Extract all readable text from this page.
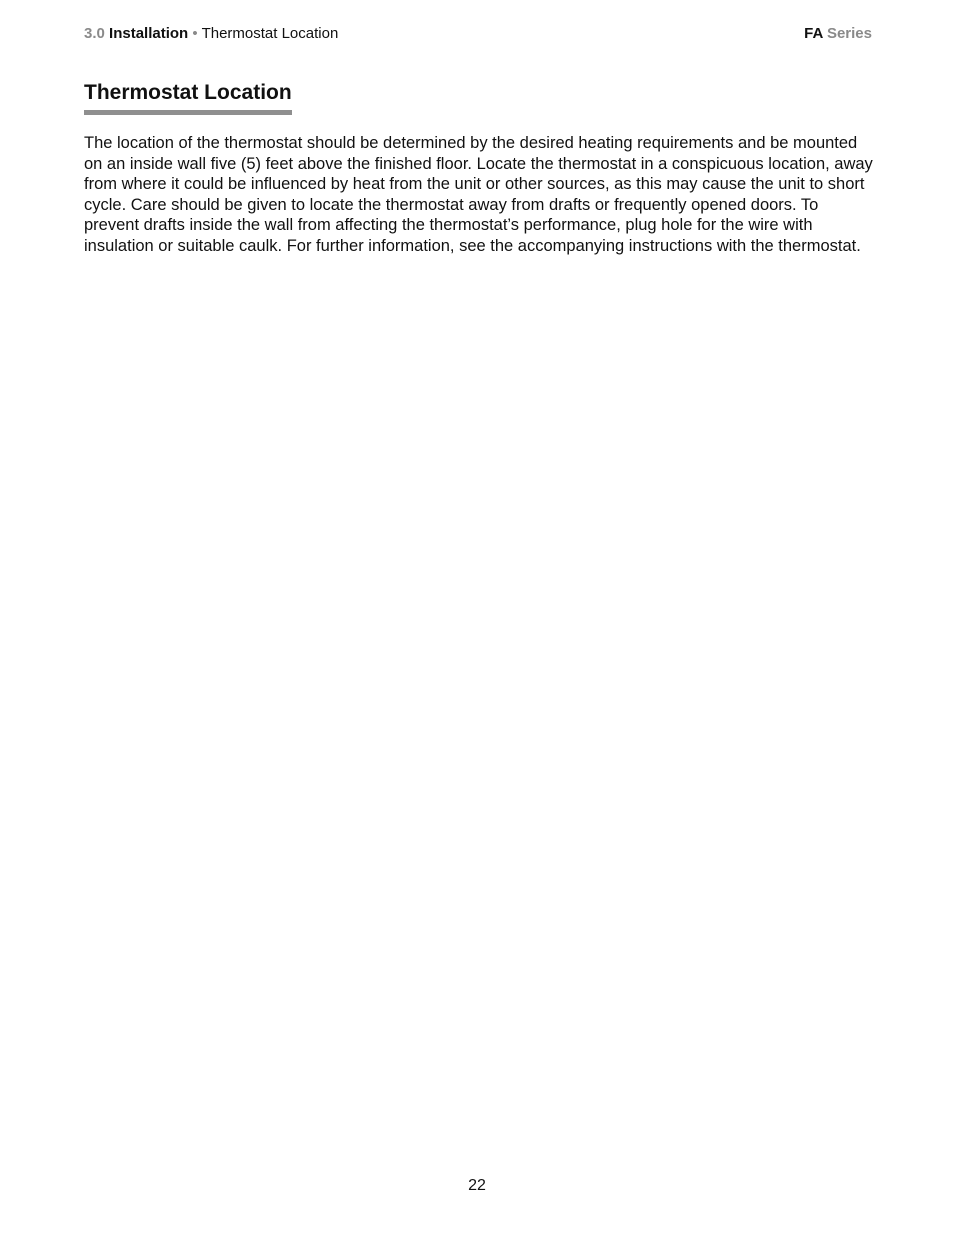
3.0 Installation • Thermostat Location	FA Series
Thermostat Location

The location of the thermostat should be determined by the desired heating requirements and be mounted on an inside wall five (5) feet above the finished floor. Locate the thermostat in a conspicuous location, away from where it could be influenced by heat from the unit or other sources, as this may cause the unit to short cycle. Care should be given to locate the thermostat away from drafts or frequently opened doors. To prevent drafts inside the wall from affecting the thermostat’s performance, plug hole for the wire with insulation or suitable caulk. For further information, see the accompanying instructions with the thermostat.

22
